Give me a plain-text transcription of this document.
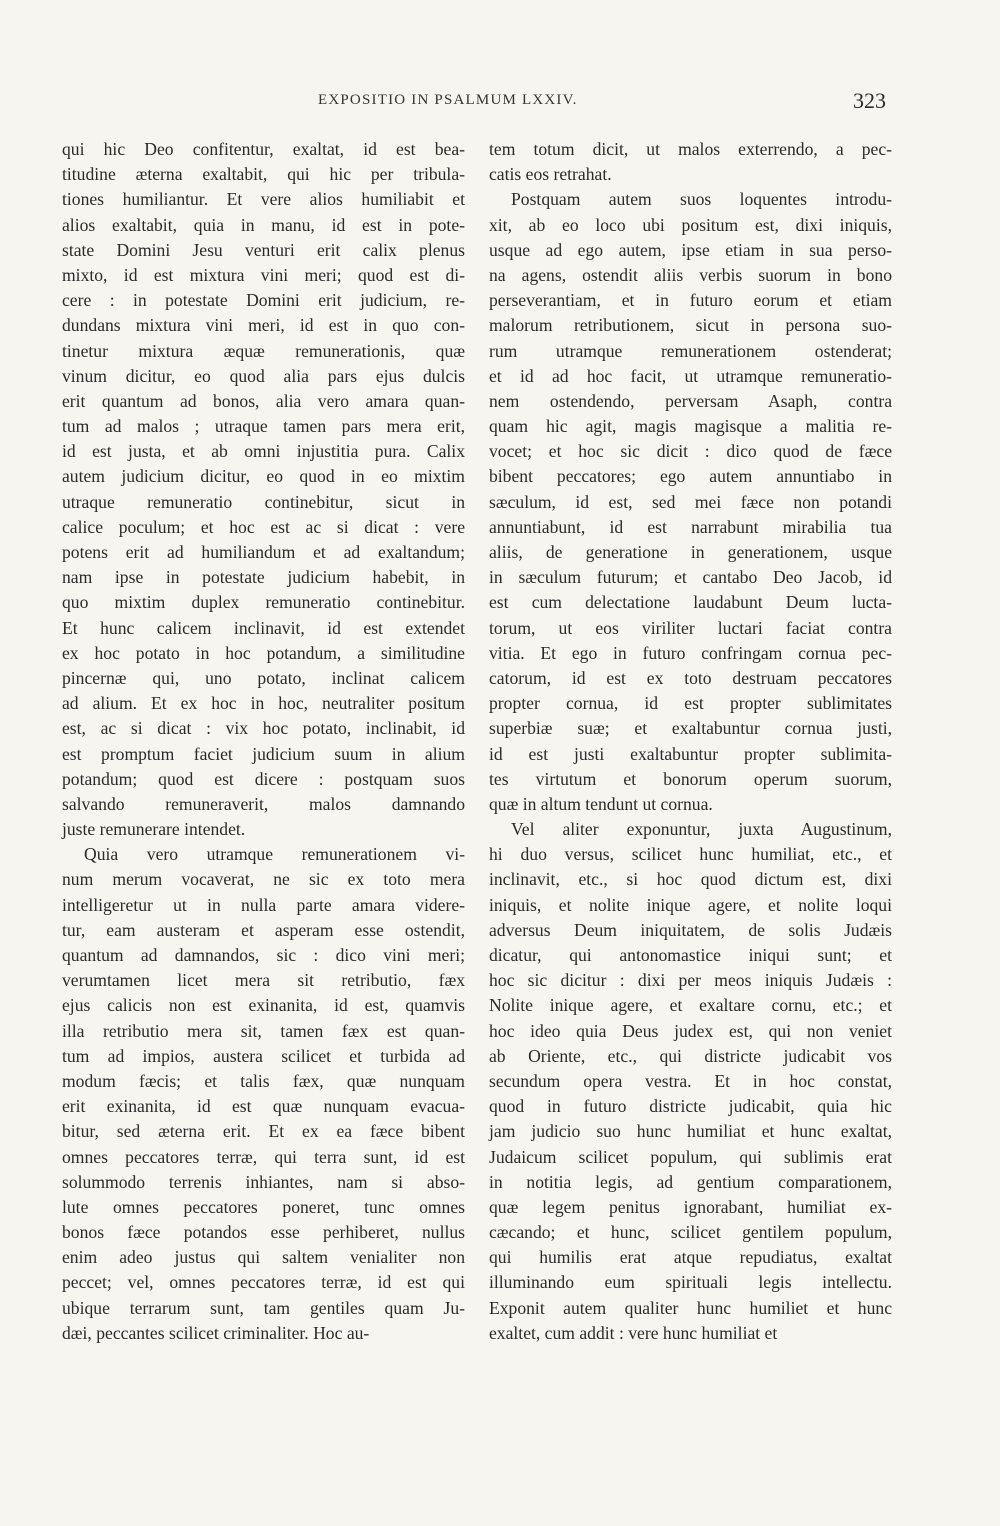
EXPOSITIO IN PSALMUM LXXIV.	323
qui hic Deo confitentur, exaltat, id est bea-
titudine æterna exaltabit, qui hic per tribula-
tiones humiliantur. Et vere alios humiliabit et
alios exaltabit, quia in manu, id est in pote-
state Domini Jesu venturi erit calix plenus
mixto, id est mixtura vini meri; quod est di-
cere : in potestate Domini erit judicium, re-
dundans mixtura vini meri, id est in quo con-
tinetur mixtura æquæ remunerationis, quæ
vinum dicitur, eo quod alia pars ejus dulcis
erit quantum ad bonos, alia vero amara quan-
tum ad malos ; utraque tamen pars mera erit,
id est justa, et ab omni injustitia pura. Calix
autem judicium dicitur, eo quod in eo mixtim
utraque remuneratio continebitur, sicut in
calice poculum; et hoc est ac si dicat : vere
potens erit ad humiliandum et ad exaltandum;
nam ipse in potestate judicium habebit, in
quo mixtim duplex remuneratio continebitur.
Et hunc calicem inclinavit, id est extendet
ex hoc potato in hoc potandum, a similitudine
pincernæ qui, uno potato, inclinat calicem
ad alium. Et ex hoc in hoc, neutraliter positum
est, ac si dicat : vix hoc potato, inclinabit, id
est promptum faciet judicium suum in alium
potandum; quod est dicere : postquam suos
salvando remuneraverit, malos damnando
juste remunerare intendet.
Quia vero utramque remunerationem vi-
num merum vocaverat, ne sic ex toto mera
intelligeretur ut in nulla parte amara videre-
tur, eam austeram et asperam esse ostendit,
quantum ad damnandos, sic : dico vini meri;
verumtamen licet mera sit retributio, fæx
ejus calicis non est exinanita, id est, quamvis
illa retributio mera sit, tamen fæx est quan-
tum ad impios, austera scilicet et turbida ad
modum fæcis; et talis fæx, quæ nunquam
erit exinanita, id est quæ nunquam evacua-
bitur, sed æterna erit. Et ex ea fæce bibent
omnes peccatores terræ, qui terra sunt, id est
solummodo terrenis inhiantes, nam si abso-
lute omnes peccatores poneret, tunc omnes
bonos fæce potandos esse perhiberet, nullus
enim adeo justus qui saltem venialiter non
peccet; vel, omnes peccatores terræ, id est qui
ubique terrarum sunt, tam gentiles quam Ju-
dæi, peccantes scilicet criminaliter. Hoc au-
tem totum dicit, ut malos exterrendo, a pec-
catis eos retrahat.
Postquam autem suos loquentes introdu-
xit, ab eo loco ubi positum est, dixi iniquis,
usque ad ego autem, ipse etiam in sua perso-
na agens, ostendit aliis verbis suorum in bono
perseverantiam, et in futuro eorum et etiam
malorum retributionem, sicut in persona suo-
rum utramque remunerationem ostenderat;
et id ad hoc facit, ut utramque remuneratio-
nem ostendendo, perversam Asaph, contra
quam hic agit, magis magisque a malitia re-
vocet; et hoc sic dicit : dico quod de fæce
bibent peccatores; ego autem annuntiabo in
sæculum, id est, sed mei fæce non potandi
annuntiabunt, id est narrabunt mirabilia tua
aliis, de generatione in generationem, usque
in sæculum futurum; et cantabo Deo Jacob, id
est cum delectatione laudabunt Deum lucta-
torum, ut eos viriliter luctari faciat contra
vitia. Et ego in futuro confringam cornua pec-
catorum, id est ex toto destruam peccatores
propter cornua, id est propter sublimitates
superbiæ suæ; et exaltabuntur cornua justi,
id est justi exaltabuntur propter sublimita-
tes virtutum et bonorum operum suorum,
quæ in altum tendunt ut cornua.
Vel aliter exponuntur, juxta Augustinum,
hi duo versus, scilicet hunc humiliat, etc., et
inclinavit, etc., si hoc quod dictum est, dixi
iniquis, et nolite inique agere, et nolite loqui
adversus Deum iniquitatem, de solis Judæis
dicatur, qui antonomastice iniqui sunt; et
hoc sic dicitur : dixi per meos iniquis Judæis :
Nolite inique agere, et exaltare cornu, etc.; et
hoc ideo quia Deus judex est, qui non veniet
ab Oriente, etc., qui districte judicabit vos
secundum opera vestra. Et in hoc constat,
quod in futuro districte judicabit, quia hic
jam judicio suo hunc humiliat et hunc exaltat,
Judaicum scilicet populum, qui sublimis erat
in notitia legis, ad gentium comparationem,
quæ legem penitus ignorabant, humiliat ex-
cæcando; et hunc, scilicet gentilem populum,
qui humilis erat atque repudiatus, exaltat
illuminando eum spirituali legis intellectu.
Exponit autem qualiter hunc humiliet et hunc
exaltet, cum addit : vere hunc humiliat et
